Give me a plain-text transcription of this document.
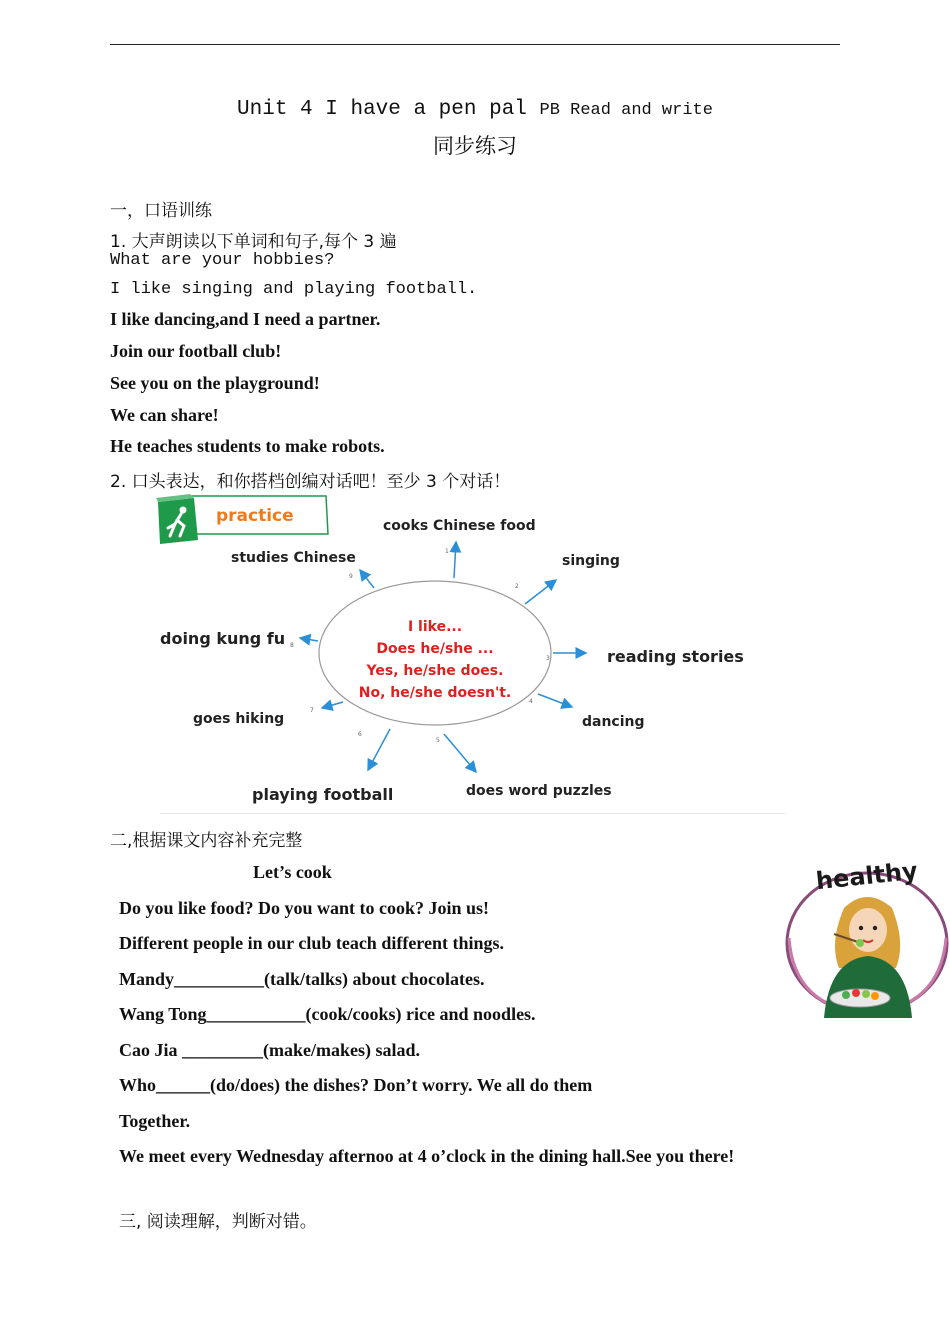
Unit 4 I have a pen pal PB Read and write
同步练习
一，口语训练
1. 大声朗读以下单词和句子,每个 3 遍
What are your hobbies?
I like singing and playing football.
I like dancing,and I need a partner.
Join our football club!
See you on the playground!
We can share!
He teaches students to make robots.
2. 口头表达，和你搭档创编对话吧！至少 3 个对话！
practice
I like...
Does he/she ...
Yes, he/she does.
No, he/she doesn't.
1
2
3
4
5
6
7
8
9
cooks Chinese food
singing
reading stories
dancing
does word puzzles
playing football
goes hiking
doing kung fu
studies Chinese
二,根据课文内容补充完整
Let’s cook
Do you like food? Do you want to cook? Join us!
Different people in our club teach different things.
Mandy__________(talk/talks) about chocolates.
Wang Tong___________(cook/cooks) rice and noodles.
Cao Jia _________(make/makes) salad.
Who______(do/does) the dishes? Don’t worry. We all do them
Together.
We meet every Wednesday afternoo at 4 o’clock in the dining hall.See you there!
healthy
三, 阅读理解，判断对错。
